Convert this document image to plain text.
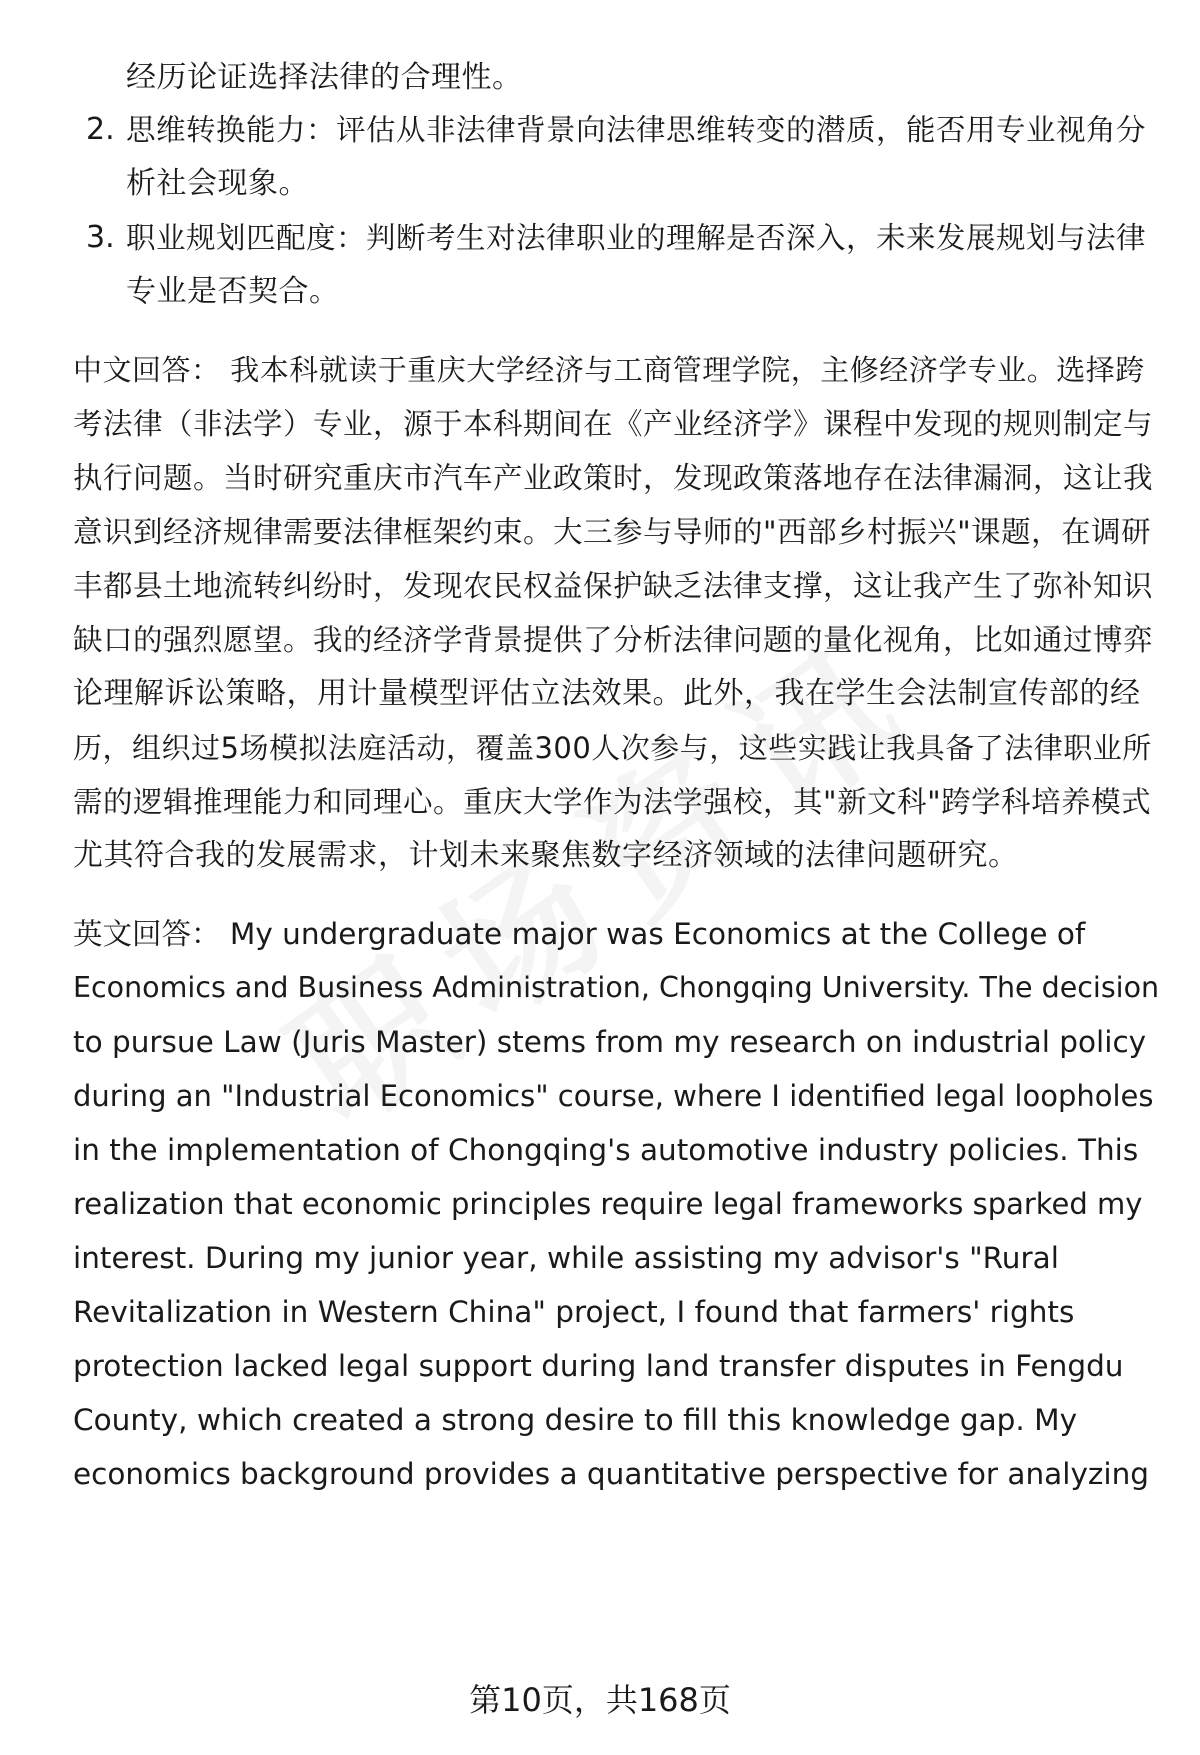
经历论证选择法律的合理性。
2. 思维转换能力：评估从非法律背景向法律思维转变的潜质，能否用专业视角分
析社会现象。
3. 职业规划匹配度：判断考生对法律职业的理解是否深入，未来发展规划与法律
专业是否契合。
中文回答： 我本科就读于重庆大学经济与工商管理学院，主修经济学专业。选择跨
考法律（非法学）专业，源于本科期间在《产业经济学》课程中发现的规则制定与
执行问题。当时研究重庆市汽车产业政策时，发现政策落地存在法律漏洞，这让我
意识到经济规律需要法律框架约束。大三参与导师的"西部乡村振兴"课题，在调研
丰都县土地流转纠纷时，发现农民权益保护缺乏法律支撑，这让我产生了弥补知识
缺口的强烈愿望。我的经济学背景提供了分析法律问题的量化视角，比如通过博弈
论理解诉讼策略，用计量模型评估立法效果。此外，我在学生会法制宣传部的经
历，组织过5场模拟法庭活动，覆盖300人次参与，这些实践让我具备了法律职业所
需的逻辑推理能力和同理心。重庆大学作为法学强校，其"新文科"跨学科培养模式
尤其符合我的发展需求，计划未来聚焦数字经济领域的法律问题研究。
英文回答： My undergraduate major was Economics at the College of
Economics and Business Administration, Chongqing University. The decision
to pursue Law (Juris Master) stems from my research on industrial policy
during an "Industrial Economics" course, where I identified legal loopholes
in the implementation of Chongqing's automotive industry policies. This
realization that economic principles require legal frameworks sparked my
interest. During my junior year, while assisting my advisor's "Rural
Revitalization in Western China" project, I found that farmers' rights
protection lacked legal support during land transfer disputes in Fengdu
County, which created a strong desire to fill this knowledge gap. My
economics background provides a quantitative perspective for analyzing
第10页，共168页
